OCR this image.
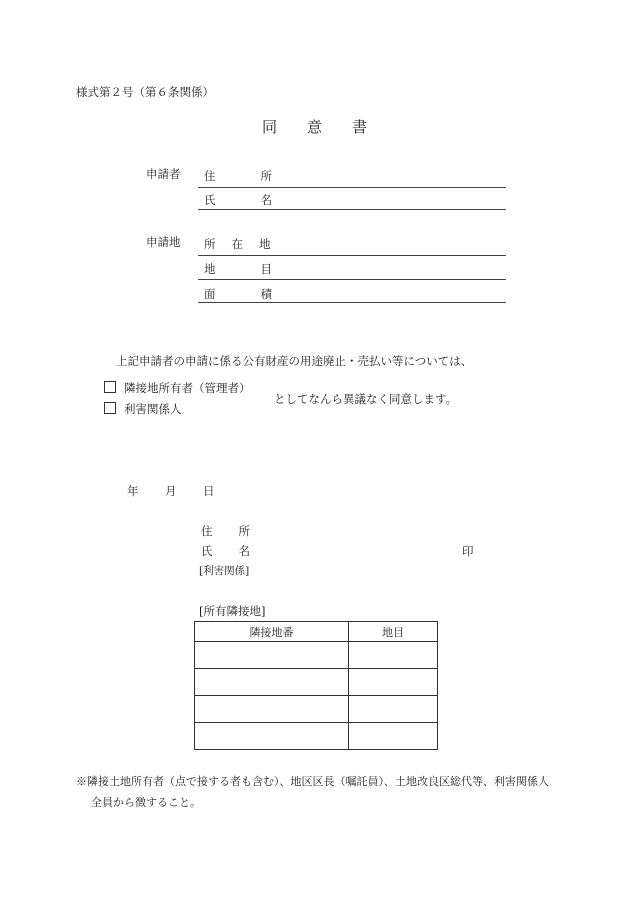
様式第２号（第６条関係）
同 意 書
申請者 住	所
氏	名
申請地 所 在 地
地	目
面	積
上記申請者の申請に係る公有財産の用途廃止・売払い等については、
隣接地所有者（管理者）
利害関係人
としてなんら異議なく同意します。
年 月 日
住 所
氏 名	印
[利害関係]
[所有隣接地]
隣接地番	地目

※隣接土地所有者（点で接する者も含む）、地区区長（嘱託員）、土地改良区総代等、利害関係人
全員から徴すること。
